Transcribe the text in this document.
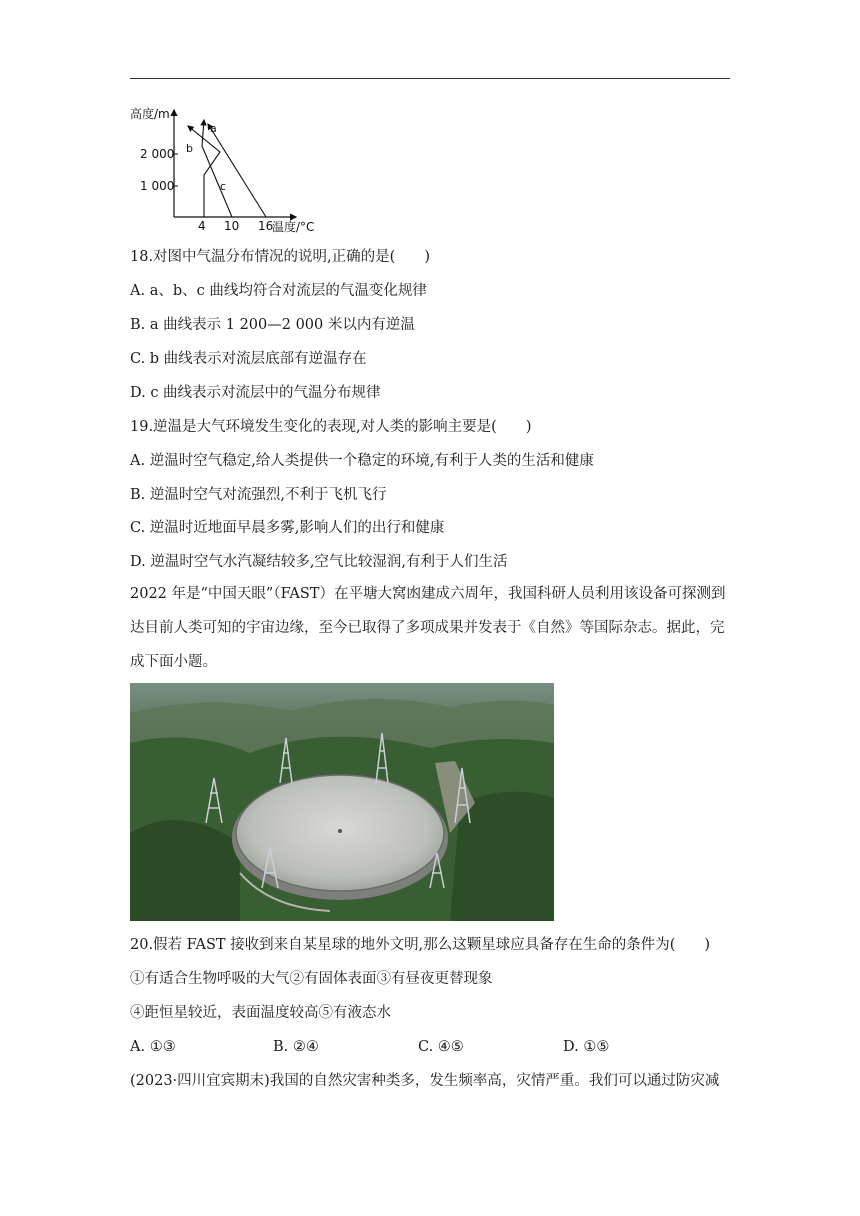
高度/m
2 000
1 000
4 10 16
温度/°C
a
b
c
18.对图中气温分布情况的说明,正确的是(　　)
A. a、b、c 曲线均符合对流层的气温变化规律
B. a 曲线表示 1 200—2 000 米以内有逆温
C. b 曲线表示对流层底部有逆温存在
D. c 曲线表示对流层中的气温分布规律
19.逆温是大气环境发生变化的表现,对人类的影响主要是(　　)
A. 逆温时空气稳定,给人类提供一个稳定的环境,有利于人类的生活和健康
B. 逆温时空气对流强烈,不利于飞机飞行
C. 逆温时近地面早晨多雾,影响人们的出行和健康
D. 逆温时空气水汽凝结较多,空气比较湿润,有利于人们生活
2022 年是“中国天眼”（FAST）在平塘大窝凼建成六周年，我国科研人员利用该设备可探测到达目前人类可知的宇宙边缘，至今已取得了多项成果并发表于《自然》等国际杂志。据此，完成下面小题。
20.假若 FAST 接收到来自某星球的地外文明,那么这颗星球应具备存在生命的条件为(　　)
①有适合生物呼吸的大气②有固体表面③有昼夜更替现象
④距恒星较近，表面温度较高⑤有液态水
A. ①③	B. ②④	C. ④⑤	D. ①⑤
(2023·四川宜宾期末)我国的自然灾害种类多，发生频率高，灾情严重。我们可以通过防灾减
